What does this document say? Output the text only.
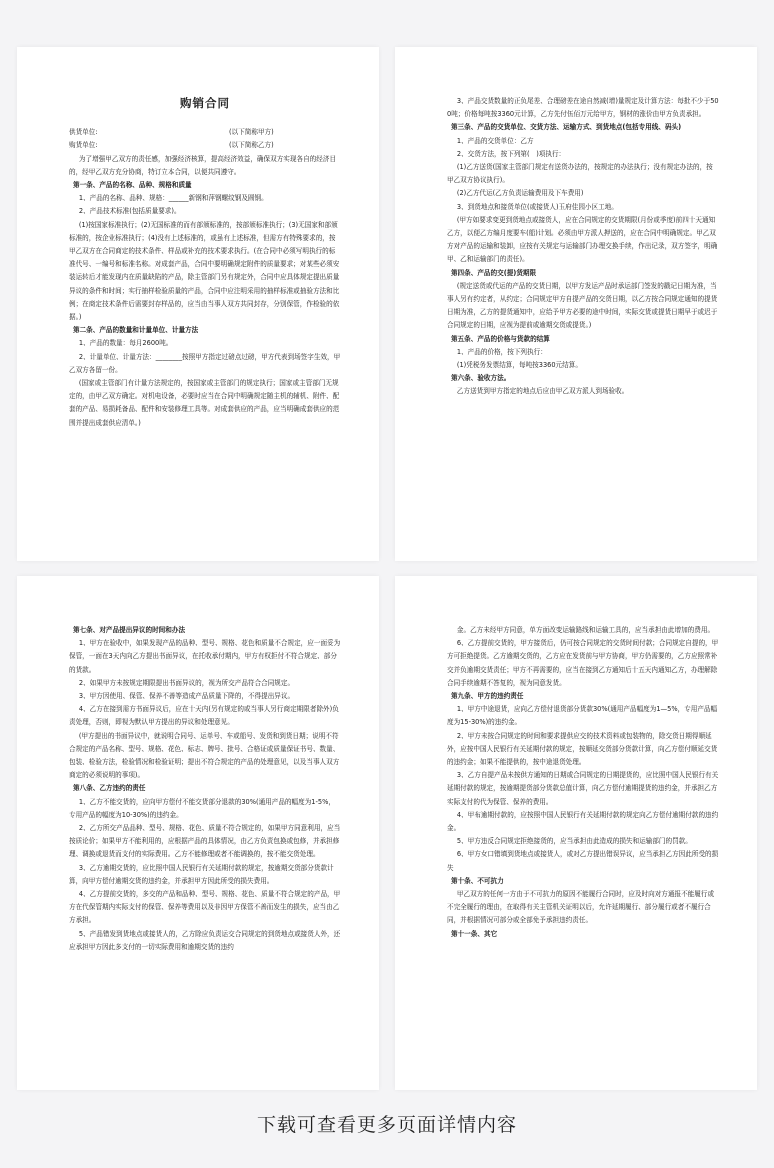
购销合同

供货单位:	(以下简称甲方)

购货单位:	(以下简称乙方)

为了增强甲乙双方的责任感，加强经济核算，提高经济效益，确保双方实现各自的经济目的，经甲乙双方充分协商，特订立本合同，以便共同遵守。

第一条、产品的名称、品种、规格和质量

1、产品的名称、品种、规格：______新钢和萍钢螺纹钢及圆钢。

2、产品技术标准(包括质量要求)。

(1)按国家标准执行；(2)无国标准的而有部颁标准的，按部颁标准执行；(3)无国家和部颁标准的，按企业标准执行；(4)没有上述标准的，或虽有上述标准，但需方有特殊要求的，按甲乙双方在合同商定的技术条件、样品或补充的技术要求执行。(在合同中必须写明执行的标准代号、一编号和标准名称。对成套产品，合同中要明确规定附件的质量要求；对某些必须安装运转后才能发现内在质量缺陷的产品，除主管部门另有规定外，合同中应具体规定提出质量异议的条件和时间；实行抽样检验质量的产品，合同中应注明采用的抽样标准或抽验方法和比例；在商定技术条件后需要封存样品的，应当由当事人双方共同封存，分别保管，作检验的依据。)

第二条、产品的数量和计量单位、计量方法

1、产品的数量：每月2600吨。

2、计量单位、计量方法：________按照甲方指定过磅点过磅，甲方代表到场签字生效，甲乙双方各留一份。

(国家或主管部门有计量方法规定的，按国家或主管部门的规定执行；国家或主管部门无规定的，由甲乙双方确定。对机电设备，必要时应当在合同中明确规定随主机的辅机、附件、配套的产品、易损耗备品、配件和安装修理工具等。对成套供应的产品，应当明确成套供应的范围并提出成套供应清单。)

3、产品交货数量的正负尾差、合理磅差在途自然减(增)量规定及计算方法：每批不少于500吨；价格每吨按3360元计算，乙方先付伍佰万元给甲方，钢材的涨价由甲方负责承担。

第三条、产品的交货单位、交货方法、运输方式、到货地点(包括专用线、码头)

1、产品的交货单位：乙方

2、交货方法，按下列第(　)项执行：

(1)乙方送货(国家主管部门规定有送货办法的，按规定的办法执行；没有规定办法的，按甲乙双方协议执行)。

(2)乙方代运(乙方负责运输费用及下车费用)

3、到货地点和接货单位(或接货人)玉府佳园小区工地。

(甲方如要求变更到货地点或接货人，应在合同规定的交货期限(月份或季度)前四十天通知乙方，以便乙方编月度要车(船)计划。必须由甲方派人押送的，应在合同中明确规定。甲乙双方对产品的运输和装卸，应按有关规定与运输部门办理交换手续，作出记录，双方签字，明确甲、乙和运输部门的责任)。

第四条、产品的交(提)货期限

(规定送货或代运的产品的交货日期，以甲方发运产品时承运部门签发的戳记日期为准，当事人另有约定者，从约定；合同规定甲方自提产品的交货日期，以乙方按合同规定通知的提货日期为准，乙方的提货通知中，应给予甲方必要的途中时间，实际交货或提货日期早于或迟于合同规定的日期，应视为提前或逾期交货或提货。)

第五条、产品的价格与货款的结算

1、产品的价格，按下列执行：

(1)凭税务发票结算，每吨按3360元结算。

第六条、验收方法。

乙方送货到甲方指定的地点后应由甲乙双方派人到场验收。

第七条、对产品提出异议的时间和办法

1、甲方在验收中，如果发现产品的品种、型号、规格、花色和质量不合规定，应一面妥为保管，一面在3天内向乙方提出书面异议，在托收承付期内，甲方有权拒付不符合规定、部分的货款。

2、如果甲方未按规定期限提出书面异议的，视为所交产品符合合同规定。

3、甲方因使用、保管、保养不善等造成产品质量下降的，不得提出异议。

4、乙方在接到需方书面异议后，应在十天内(另有规定的或当事人另行商定期限者除外)负责处理，否则，即视为默认甲方提出的异议和处理意见。

(甲方提出的书面异议中，就说明合同号、运单号、车或船号、发货和到货日期；说明不符合规定的产品名称、型号、规格、花色、标志、牌号、批号、合格证或质量保证书号、数量、包装、检验方法，检验情况和检验证明；提出不符合规定的产品的处理意见，以及当事人双方商定的必须说明的事项)。

第八条、乙方违约的责任

1、乙方不能交货的，应向甲方偿付不能交货部分退款的30%(通用产品的幅度为1-5%，专用产品的幅度为10-30%)的违约金。

2、乙方所交产品品种、型号、规格、花色、质量不符合规定的，如果甲方同意利用，应当按质论价；如果甲方不能利用的，应根据产品的具体情况，由乙方负责包换或包修，并承担修理、调换或退货而支付的实际费用。乙方不能修理或者不能调换的，按不能交货处理。

3、乙方逾期交货的，应比照中国人民银行有关延期付款的规定，按逾期交货部分货款计算，向甲方偿付逾期交货的违约金，并承担甲方因此所受的损失费用。

4、乙方提前交货的，多交的产品和品种、型号、规格、花色、质量不符合规定的产品，甲方在代保管期内实际支付的保管、保养等费用以及非因甲方保管不善而发生的损失，应当由乙方承担。

5、产品错发到货地点或接货人的，乙方除应负责运交合同规定的到货地点或接货人外，还应承担甲方因此多支付的一切实际费用和逾期交货的违约

金。乙方未经甲方同意，单方面改变运输路线和运输工具的，应当承担由此增加的费用。

6、乙方提前交货的，甲方接货后，仍可按合同规定的交货时间付款；合同规定自提的，甲方可拒绝提货。乙方逾期交货的，乙方应在发货前与甲方协商，甲方仍需要的，乙方应照常补交并负逾期交货责任；甲方不再需要的，应当在接到乙方通知后十五天内通知乙方，办理解除合同手续逾期不答复的，视为同意发货。

第九条、甲方的违约责任

1、甲方中途退货，应向乙方偿付退货部分货款30%(通用产品幅度为1—5%，专用产品幅度为15-30%)的违约金。

2、甲方未按合同规定的时间和要求提供应交的技术资料或包装物的，除交货日期得顺延外，应按中国人民银行有关延期付款的规定，按顺延交货部分货款计算，向乙方偿付顺延交货的违约金；如果不能提供的，按中途退货处理。

3、乙方自提产品未按供方通知的日期或合同规定的日期提货的，应比照中国人民银行有关延期付款的规定，按逾期提货部分货款总值计算，向乙方偿付逾期提货的违约金，并承担乙方实际支付的代为保管、保养的费用。

4、甲布逾期付款的，应按照中国人民银行有关延期付款的规定向乙方偿付逾期付款的违约金。

5、甲方违反合同规定拒绝接货的，应当承担由此造成的损失和运输部门的罚款。

6、甲方女口错填到货地点或接货人，或对乙方提出错误异议，应当承担乙方因此所受的损失

第十条、不可抗力

甲乙双方的任何一方由于不可抗力的原因不能履行合同时，应及时向对方通报不能履行或不完全履行的理由，在取得有关主管机关证明以后，允许延期履行、部分履行或者不履行合同，并根据情况可部分或全部免予承担违约责任。

第十一条、其它

下载可查看更多页面详情内容
